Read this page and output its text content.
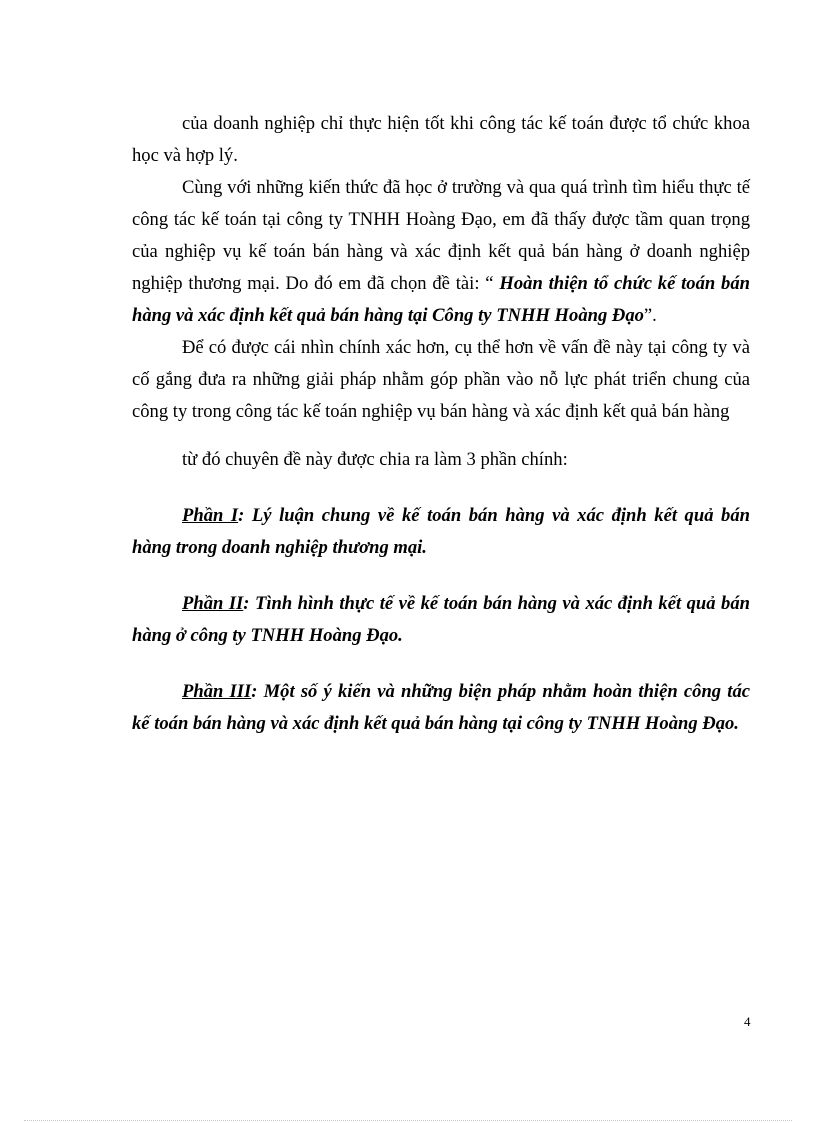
của doanh nghiệp chỉ thực hiện tốt khi công tác kế toán được tổ chức khoa học và hợp lý.

Cùng với những kiến thức đã học ở trường và qua quá trình tìm hiểu thực tế công tác kế toán tại công ty TNHH Hoàng Đạo, em đã thấy được tầm quan trọng của nghiệp vụ kế toán bán hàng và xác định kết quả bán hàng ở doanh nghiệp nghiệp thương mại. Do đó em đã chọn đề tài: “ Hoàn thiện tổ chức kế toán bán hàng và xác định kết quả bán hàng tại Công ty TNHH Hoàng Đạo”.

Để có được cái nhìn chính xác hơn, cụ thể hơn về vấn đề này tại công ty và cố gắng đưa ra những giải pháp nhằm góp phần vào nỗ lực phát triển chung của công ty trong công tác kế toán nghiệp vụ bán hàng và xác định kết quả bán hàng

từ đó chuyên đề này được chia ra làm 3 phần chính:

Phần I: Lý luận chung về kế toán bán hàng và xác định kết quả bán hàng trong doanh nghiệp thương mại.

Phần II: Tình hình thực tế về kế toán bán hàng và xác định kết quả bán hàng ở công ty TNHH Hoàng Đạo.

Phần III: Một số ý kiến và những biện pháp nhằm hoàn thiện công tác kế toán bán hàng và xác định kết quả bán hàng tại công ty TNHH Hoàng Đạo.

4
